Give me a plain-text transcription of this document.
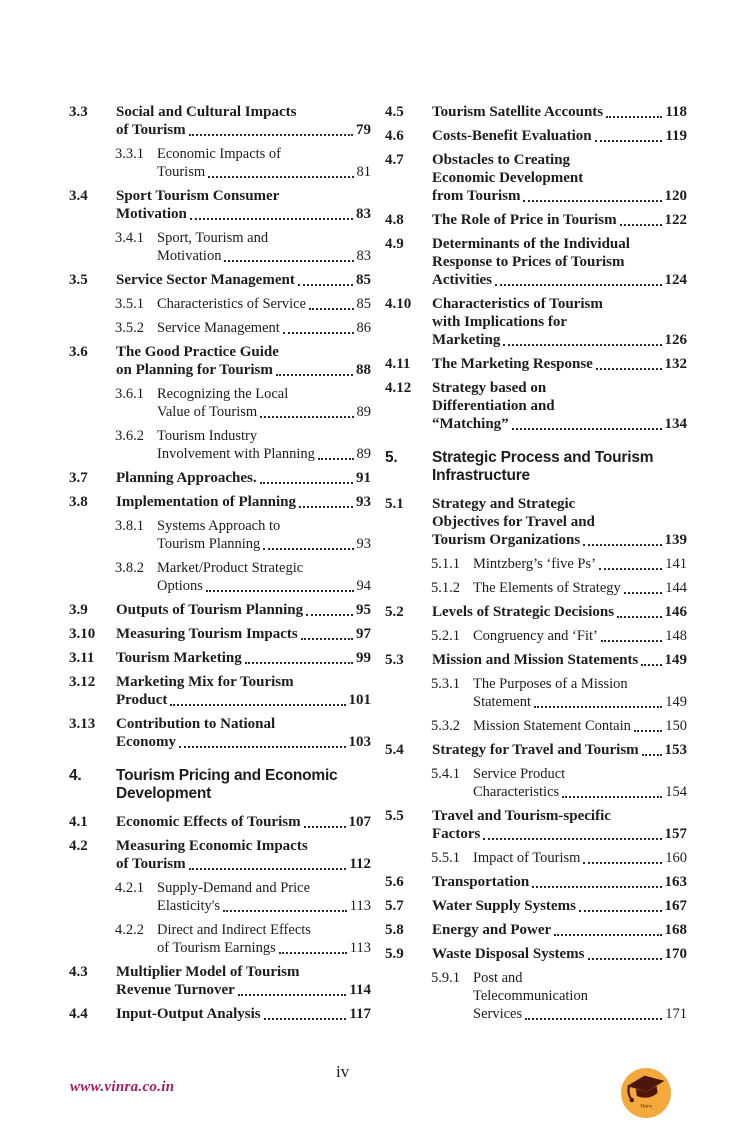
3.3	Social and Cultural Impacts
of Tourism	79
3.3.1 Economic Impacts of
Tourism	81
3.4	Sport Tourism Consumer
Motivation	83
3.4.1 Sport, Tourism and
Motivation	83
3.5	Service Sector Management	85
3.5.1 Characteristics of Service	85
3.5.2 Service Management	86
3.6	The Good Practice Guide
on Planning for Tourism	88
3.6.1 Recognizing the Local
Value of Tourism	89
3.6.2 Tourism Industry
Involvement with Planning	89
3.7	Planning Approaches.	91
3.8	Implementation of Planning	93
3.8.1 Systems Approach to
Tourism Planning	93
3.8.2 Market/Product Strategic
Options	94
3.9	Outputs of Tourism Planning	95
3.10	Measuring Tourism Impacts	97
3.11	Tourism Marketing	99
3.12	Marketing Mix for Tourism
Product	101
3.13	Contribution to National
Economy	103
4.	Tourism Pricing and Economic
Development
4.1	Economic Effects of Tourism	107
4.2	Measuring Economic Impacts
of Tourism	112
4.2.1 Supply-Demand and Price
Elasticity's	113
4.2.2 Direct and Indirect Effects
of Tourism Earnings	113
4.3	Multiplier Model of Tourism
Revenue Turnover	114
4.4	Input-Output Analysis	117
4.5	Tourism Satellite Accounts	118
4.6	Costs-Benefit Evaluation	119
4.7	Obstacles to Creating
Economic Development
from Tourism	120
4.8	The Role of Price in Tourism	122
4.9	Determinants of the Individual
Response to Prices of Tourism
Activities	124
4.10	Characteristics of Tourism
with Implications for
Marketing	126
4.11	The Marketing Response	132
4.12	Strategy based on
Differentiation and
“Matching”	134
5.	Strategic Process and Tourism
Infrastructure
5.1	Strategy and Strategic
Objectives for Travel and
Tourism Organizations	139
5.1.1 Mintzberg’s ‘five Ps’	141
5.1.2 The Elements of Strategy	144
5.2	Levels of Strategic Decisions	146
5.2.1 Congruency and ‘Fit’	148
5.3	Mission and Mission Statements 149
5.3.1 The Purposes of a Mission
Statement	149
5.3.2 Mission Statement Contain 150
5.4	Strategy for Travel and Tourism 153
5.4.1 Service Product
Characteristics	154
5.5	Travel and Tourism-specific
Factors	157
5.5.1 Impact of Tourism	160
5.6	Transportation	163
5.7	Water Supply Systems	167
5.8	Energy and Power	168
5.9	Waste Disposal Systems	170
5.9.1 Post and
Telecommunication
Services	171
www.vinra.co.in
iv
Vinra
